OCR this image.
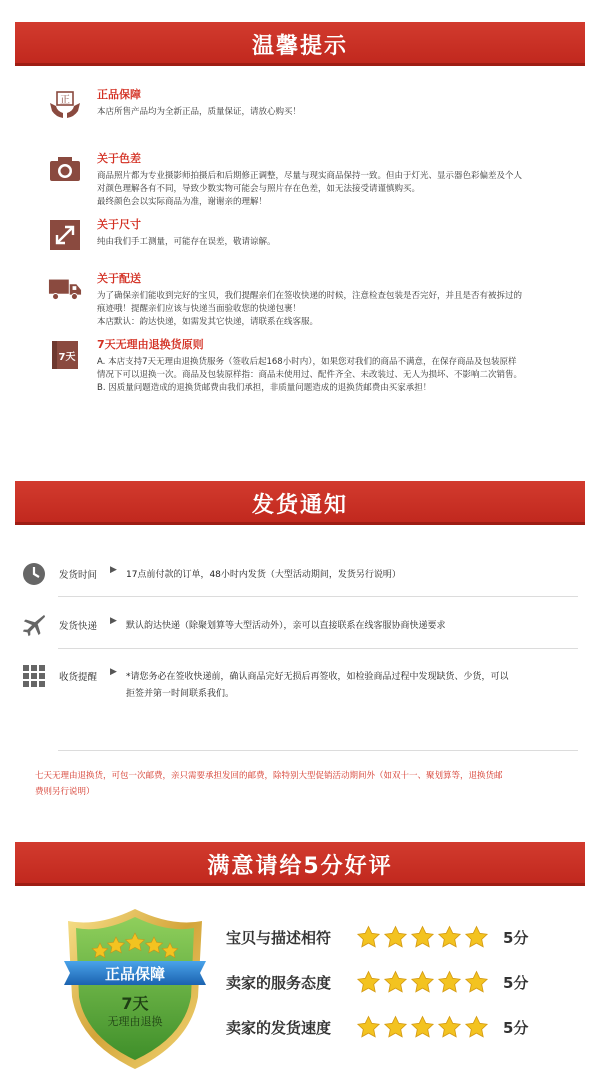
温馨提示
正 正品保障

本店所售产品均为全新正品，质量保证，请放心购买！

关于色差

商品照片都为专业摄影师拍摄后和后期修正调整，尽量与现实商品保持一致。但由于灯光、显示器色彩偏差及个人

对颜色理解各有不同，导致少数实物可能会与照片存在色差，如无法接受请谨慎购买。

最终颜色会以实际商品为准，谢谢亲的理解！

关于尺寸

纯由我们手工测量，可能存在误差，敬请谅解。

关于配送

为了确保亲们能收到完好的宝贝，我们提醒亲们在签收快递的时候，注意检查包装是否完好，并且是否有被拆过的

痕迹哦！提醒亲们应该与快递当面验收您的快递包裹！

本店默认：韵达快递，如需发其它快递，请联系在线客服。

7天
7天无理由退换货原则

A. 本店支持7天无理由退换货服务（签收后起168小时内），如果您对我们的商品不满意，在保存商品及包装原样

情况下可以退换一次。商品及包装原样指：商品未使用过、配件齐全、未改装过、无人为损坏、不影响二次销售。

B. 因质量问题造成的退换货邮费由我们承担，非质量问题造成的退换货邮费由买家承担！

发货通知
发货时间 ▶ 17点前付款的订单，48小时内发货（大型活动期间，发货另行说明）
发货快递 ▶ 默认韵达快递（除聚划算等大型活动外），亲可以直接联系在线客服协商快递要求
收货提醒 ▶ *请您务必在签收快递前，确认商品完好无损后再签收，如检验商品过程中发现缺货、少货，可以
拒签并第一时间联系我们。
七天无理由退换货，可包一次邮费，亲只需要承担发回的邮费，除特别大型促销活动期间外（如双十一、聚划算等，退换货邮
费则另行说明）
满意请给5分好评
正品保障
7天
无理由退换
宝贝与描述相符	5分
卖家的服务态度	5分
卖家的发货速度	5分
